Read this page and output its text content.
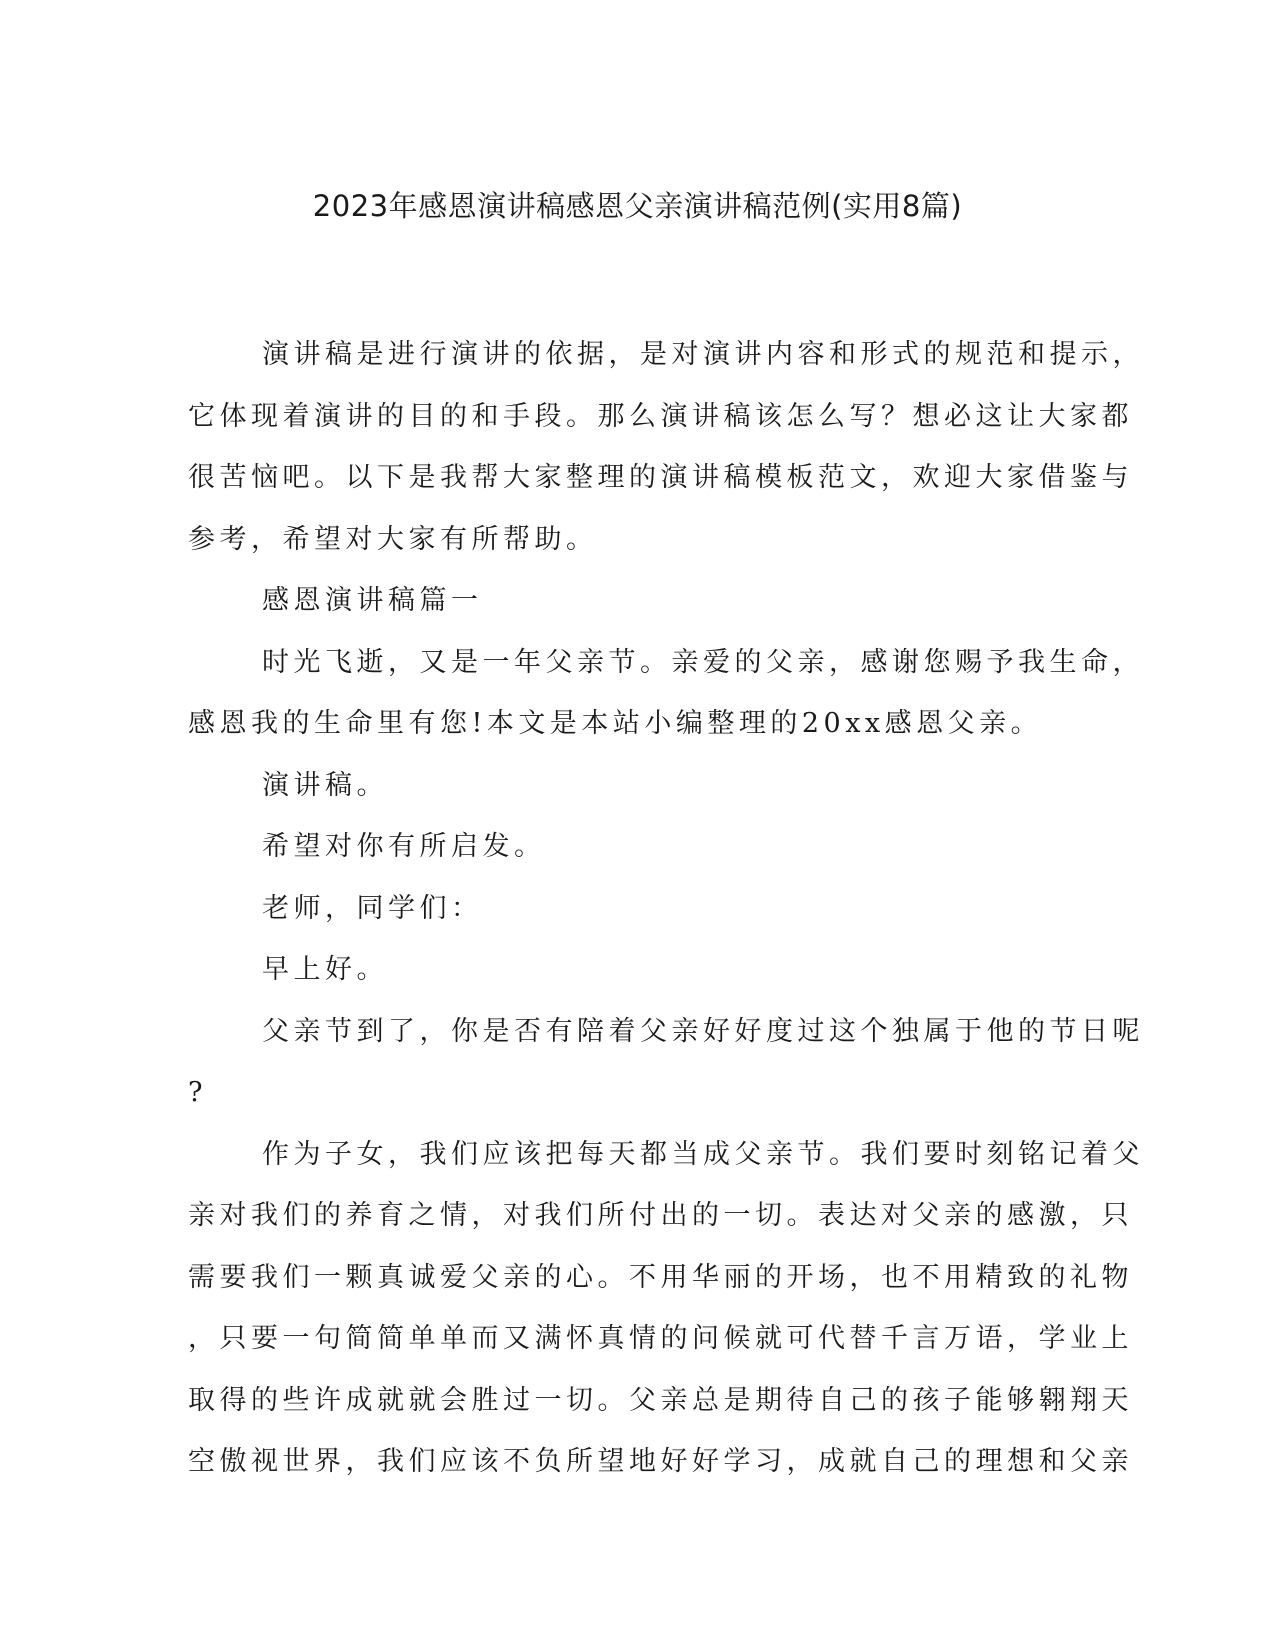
2023年感恩演讲稿感恩父亲演讲稿范例(实用8篇)
演讲稿是进行演讲的依据，是对演讲内容和形式的规范和提示，
它体现着演讲的目的和手段。那么演讲稿该怎么写？想必这让大家都
很苦恼吧。以下是我帮大家整理的演讲稿模板范文，欢迎大家借鉴与
参考，希望对大家有所帮助。
感恩演讲稿篇一
时光飞逝，又是一年父亲节。亲爱的父亲，感谢您赐予我生命，
感恩我的生命里有您!本文是本站小编整理的20xx感恩父亲。
演讲稿。
希望对你有所启发。
老师，同学们：
早上好。
父亲节到了，你是否有陪着父亲好好度过这个独属于他的节日呢
?
作为子女，我们应该把每天都当成父亲节。我们要时刻铭记着父
亲对我们的养育之情，对我们所付出的一切。表达对父亲的感激，只
需要我们一颗真诚爱父亲的心。不用华丽的开场，也不用精致的礼物
，只要一句简简单单而又满怀真情的问候就可代替千言万语，学业上
取得的些许成就就会胜过一切。父亲总是期待自己的孩子能够翱翔天
空傲视世界，我们应该不负所望地好好学习，成就自己的理想和父亲
